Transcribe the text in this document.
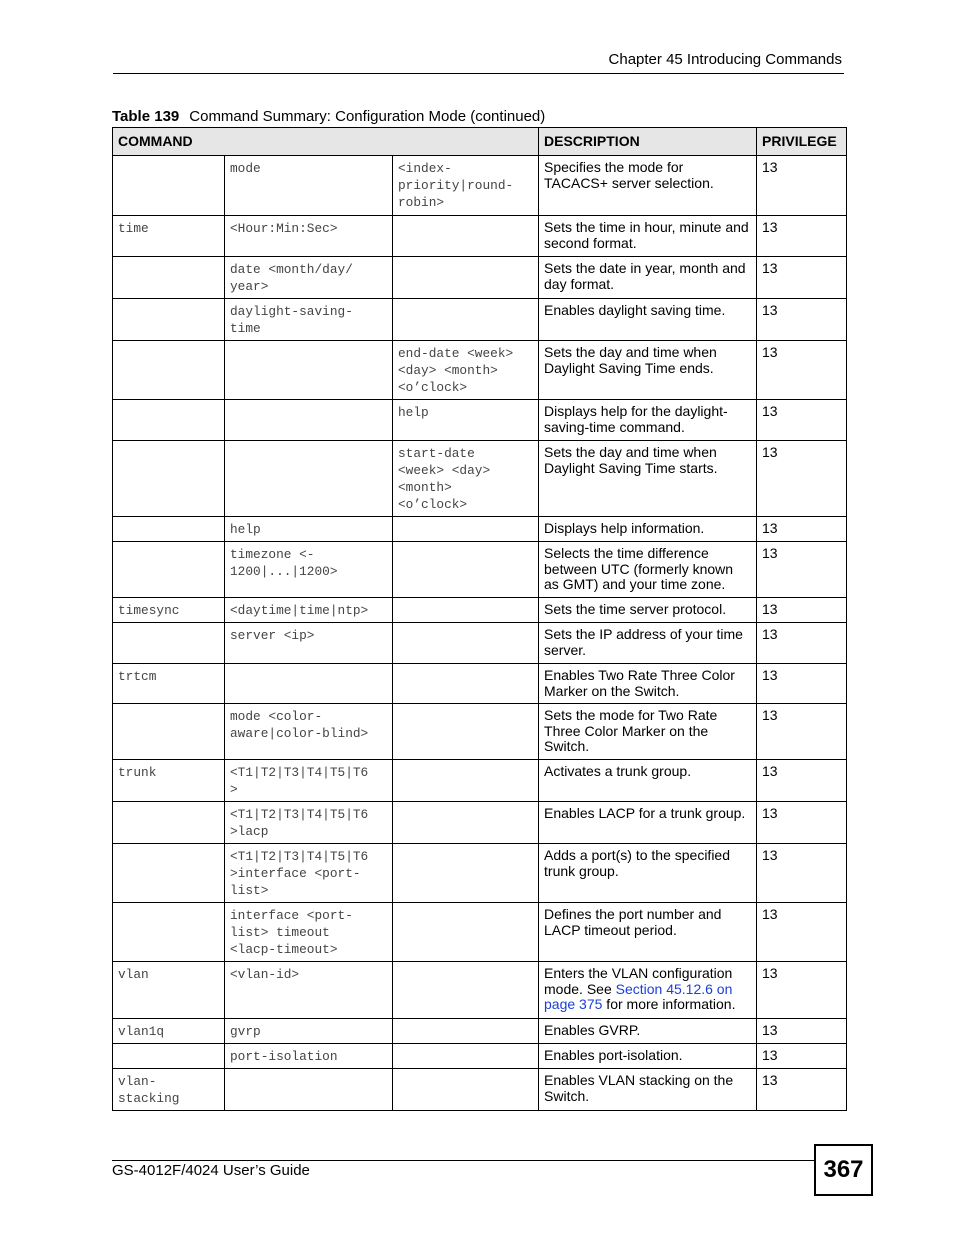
Chapter 45 Introducing Commands
Table 139 Command Summary: Configuration Mode (continued)
COMMAND			DESCRIPTION	PRIVILEGE
	mode	<index-
priority|round-
robin>	Specifies the mode for
TACACS+ server selection.	13
time	<Hour:Min:Sec>		Sets the time in hour, minute and
second format.	13
	date <month/day/
year>		Sets the date in year, month and
day format.	13
	daylight-saving-
time		Enables daylight saving time.	13
		end-date <week>
<day> <month>
<o’clock>	Sets the day and time when
Daylight Saving Time ends.	13
		help	Displays help for the daylight-
saving-time command.	13
		start-date
<week> <day>
<month>
<o’clock>	Sets the day and time when
Daylight Saving Time starts.	13
	help		Displays help information.	13
	timezone <-
1200|...|1200>		Selects the time difference
between UTC (formerly known
as GMT) and your time zone.	13
timesync	<daytime|time|ntp>		Sets the time server protocol.	13
	server <ip>		Sets the IP address of your time
server.	13
trtcm			Enables Two Rate Three Color
Marker on the Switch.	13
	mode <color-
aware|color-blind>		Sets the mode for Two Rate
Three Color Marker on the
Switch.	13
trunk	<T1|T2|T3|T4|T5|T6
>		Activates a trunk group.	13
	<T1|T2|T3|T4|T5|T6
>lacp		Enables LACP for a trunk group.	13
	<T1|T2|T3|T4|T5|T6
>interface <port-
list>		Adds a port(s) to the specified
trunk group.	13
	interface <port-
list> timeout
<lacp-timeout>		Defines the port number and
LACP timeout period.	13
vlan	<vlan-id>		Enters the VLAN configuration
mode. See Section 45.12.6 on
page 375 for more information.	13
vlan1q	gvrp		Enables GVRP.	13
	port-isolation		Enables port-isolation.	13
vlan-
stacking			Enables VLAN stacking on the
Switch.	13
GS-4012F/4024 User’s Guide	367
